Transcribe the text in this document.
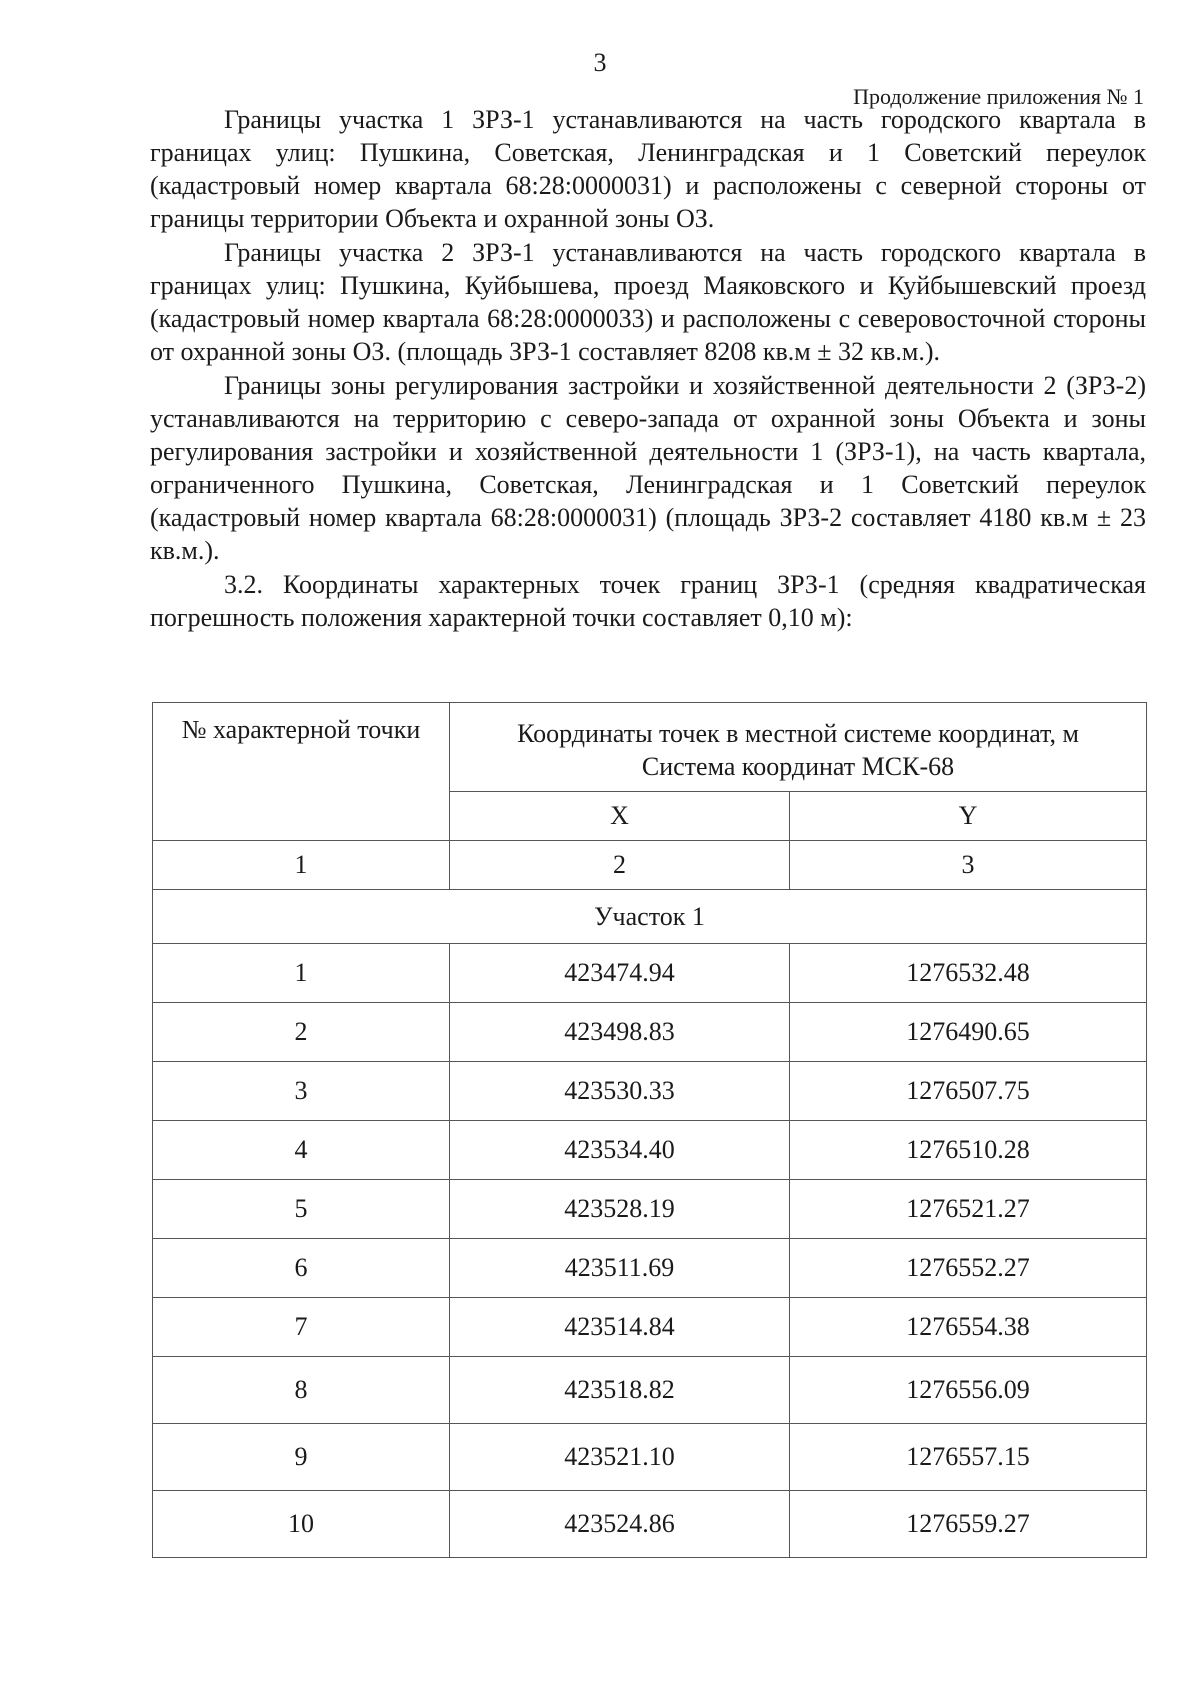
3
Продолжение приложения № 1

Границы участка 1 ЗРЗ-1 устанавливаются на часть городского квартала в границах улиц: Пушкина, Советская, Ленинградская и 1 Советский переулок (кадастровый номер квартала 68:28:0000031) и расположены с северной стороны от границы территории Объекта и охранной зоны ОЗ.

Границы участка 2 ЗРЗ-1 устанавливаются на часть городского квартала в границах улиц: Пушкина, Куйбышева, проезд Маяковского и Куйбышевский проезд (кадастровый номер квартала 68:28:0000033) и расположены с северовосточной стороны от охранной зоны ОЗ. (площадь ЗРЗ-1 составляет 8208 кв.м ± 32 кв.м.).

Границы зоны регулирования застройки и хозяйственной деятельности 2 (ЗРЗ-2) устанавливаются на территорию с северо-запада от охранной зоны Объекта и зоны регулирования застройки и хозяйственной деятельности 1 (ЗРЗ-1), на часть квартала, ограниченного Пушкина, Советская, Ленинградская и 1 Советский переулок (кадастровый номер квартала 68:28:0000031) (площадь ЗРЗ-2 составляет 4180 кв.м ± 23 кв.м.).

3.2. Координаты характерных точек границ ЗРЗ-1 (средняя квадратическая погрешность положения характерной точки составляет 0,10 м):

№ характерной точки	Координаты точек в местной системе координат, м
Система координат МСК-68	

	X	Y
1	2	3
Участок 1		
1	423474.94	1276532.48
2	423498.83	1276490.65
3	423530.33	1276507.75
4	423534.40	1276510.28
5	423528.19	1276521.27
6	423511.69	1276552.27
7	423514.84	1276554.38
8	423518.82	1276556.09
9	423521.10	1276557.15
10	423524.86	1276559.27
